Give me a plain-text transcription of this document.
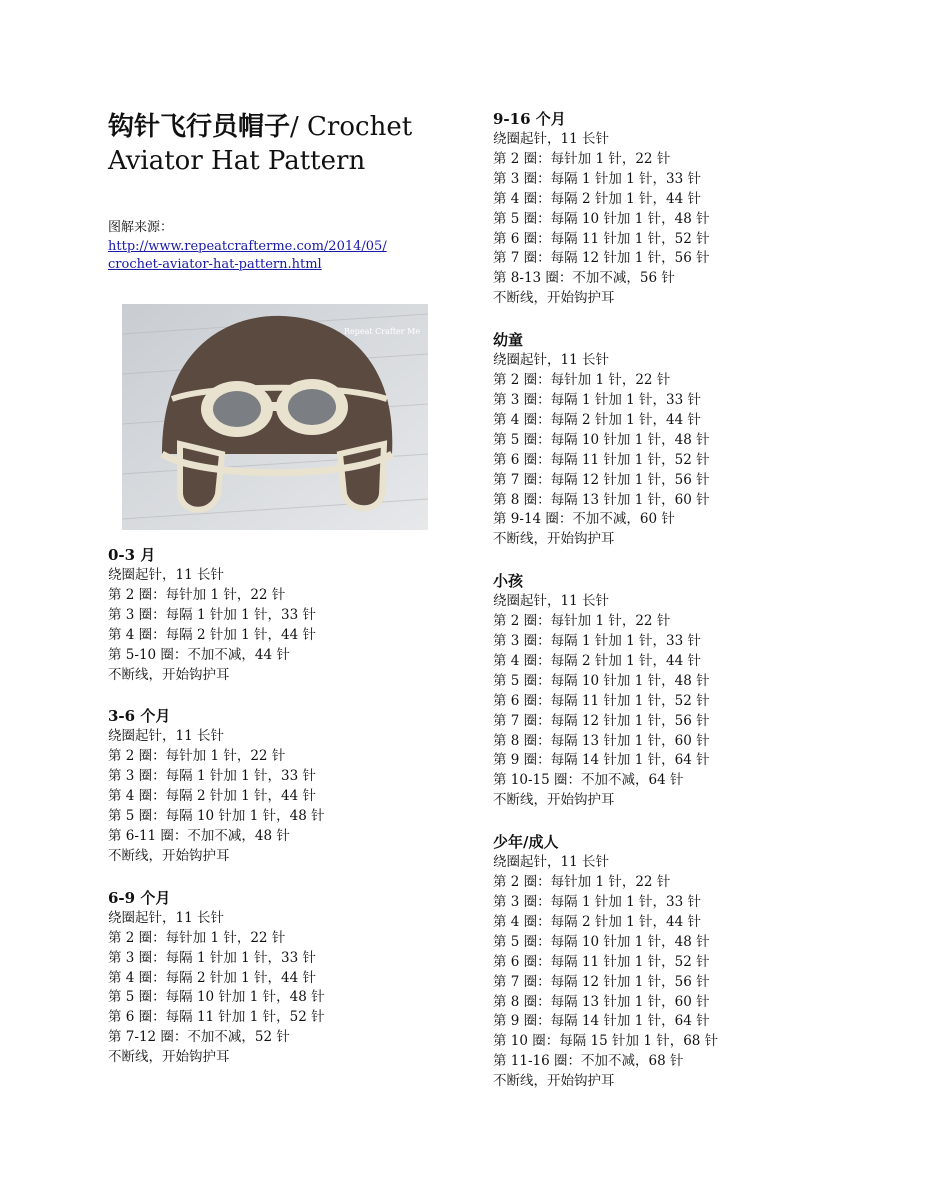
钩针飞行员帽子/ Crochet Aviator Hat Pattern
图解来源：
http://www.repeatcrafterme.com/2014/05/crochet-aviator-hat-pattern.html
Repeat Crafter Me
0-3 月
绕圈起针，11 长针
第 2 圈：每针加 1 针，22 针
第 3 圈：每隔 1 针加 1 针，33 针
第 4 圈：每隔 2 针加 1 针，44 针
第 5-10 圈：不加不减，44 针
不断线，开始钩护耳
3-6 个月
绕圈起针，11 长针
第 2 圈：每针加 1 针，22 针
第 3 圈：每隔 1 针加 1 针，33 针
第 4 圈：每隔 2 针加 1 针，44 针
第 5 圈：每隔 10 针加 1 针，48 针
第 6-11 圈：不加不减，48 针
不断线，开始钩护耳
6-9 个月
绕圈起针，11 长针
第 2 圈：每针加 1 针，22 针
第 3 圈：每隔 1 针加 1 针，33 针
第 4 圈：每隔 2 针加 1 针，44 针
第 5 圈：每隔 10 针加 1 针，48 针
第 6 圈：每隔 11 针加 1 针，52 针
第 7-12 圈：不加不减，52 针
不断线，开始钩护耳
9-16 个月
绕圈起针，11 长针
第 2 圈：每针加 1 针，22 针
第 3 圈：每隔 1 针加 1 针，33 针
第 4 圈：每隔 2 针加 1 针，44 针
第 5 圈：每隔 10 针加 1 针，48 针
第 6 圈：每隔 11 针加 1 针，52 针
第 7 圈：每隔 12 针加 1 针，56 针
第 8-13 圈：不加不减，56 针
不断线，开始钩护耳
幼童
绕圈起针，11 长针
第 2 圈：每针加 1 针，22 针
第 3 圈：每隔 1 针加 1 针，33 针
第 4 圈：每隔 2 针加 1 针，44 针
第 5 圈：每隔 10 针加 1 针，48 针
第 6 圈：每隔 11 针加 1 针，52 针
第 7 圈：每隔 12 针加 1 针，56 针
第 8 圈：每隔 13 针加 1 针，60 针
第 9-14 圈：不加不减，60 针
不断线，开始钩护耳
小孩
绕圈起针，11 长针
第 2 圈：每针加 1 针，22 针
第 3 圈：每隔 1 针加 1 针，33 针
第 4 圈：每隔 2 针加 1 针，44 针
第 5 圈：每隔 10 针加 1 针，48 针
第 6 圈：每隔 11 针加 1 针，52 针
第 7 圈：每隔 12 针加 1 针，56 针
第 8 圈：每隔 13 针加 1 针，60 针
第 9 圈：每隔 14 针加 1 针，64 针
第 10-15 圈：不加不减，64 针
不断线，开始钩护耳
少年/成人
绕圈起针，11 长针
第 2 圈：每针加 1 针，22 针
第 3 圈：每隔 1 针加 1 针，33 针
第 4 圈：每隔 2 针加 1 针，44 针
第 5 圈：每隔 10 针加 1 针，48 针
第 6 圈：每隔 11 针加 1 针，52 针
第 7 圈：每隔 12 针加 1 针，56 针
第 8 圈：每隔 13 针加 1 针，60 针
第 9 圈：每隔 14 针加 1 针，64 针
第 10 圈：每隔 15 针加 1 针，68 针
第 11-16 圈：不加不减，68 针
不断线，开始钩护耳
